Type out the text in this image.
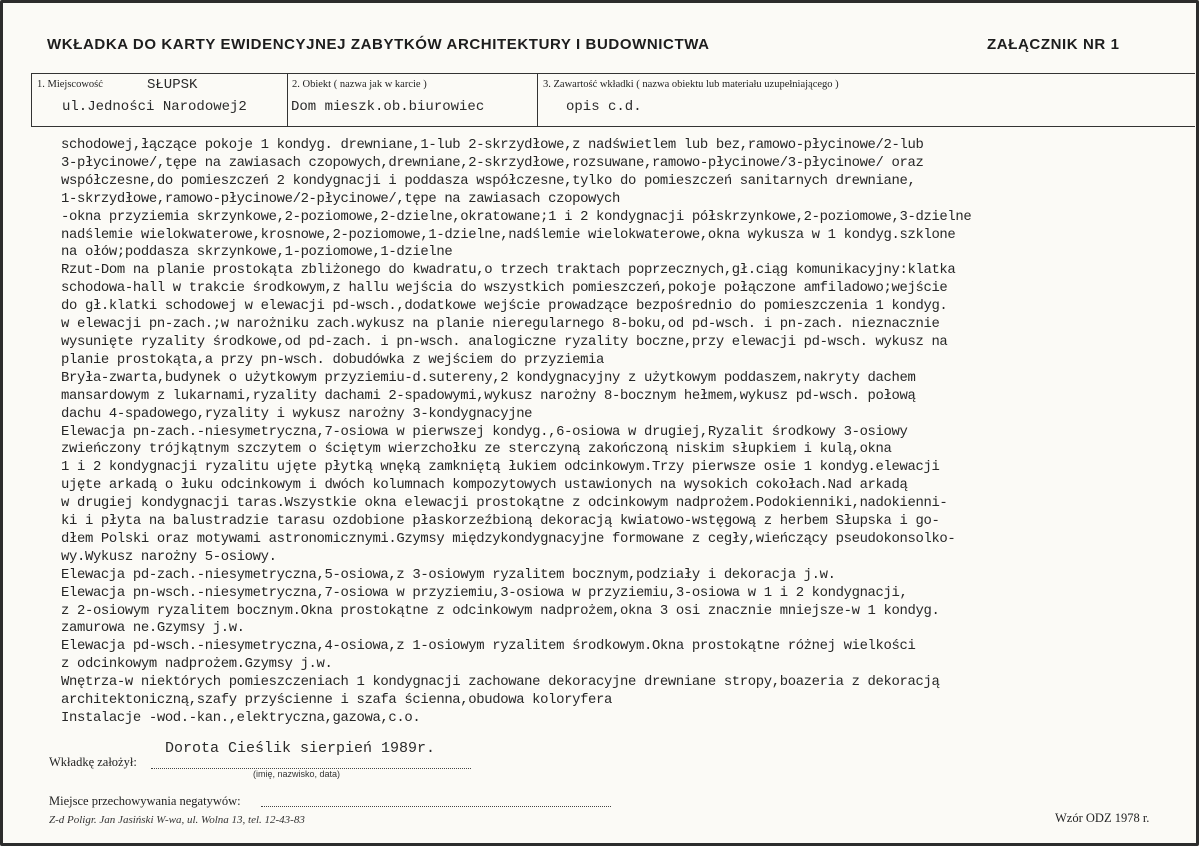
WKŁADKA DO KARTY EWIDENCYJNEJ ZABYTKÓW ARCHITEKTURY I BUDOWNICTWA	ZAŁĄCZNIK NR 1
1. Miejscowość	SŁUPSK
ul.Jedności Narodowej2
2. Obiekt ( nazwa jak w karcie )
Dom mieszk.ob.biurowiec
3. Zawartość wkładki ( nazwa obiektu lub materiału uzupełniającego )
opis c.d.
schodowej,łączące pokoje 1 kondyg. drewniane,1-lub 2-skrzydłowe,z nadświetlem lub bez,ramowo-płycinowe/2-lub
3-płycinowe/,tępe na zawiasach czopowych,drewniane,2-skrzydłowe,rozsuwane,ramowo-płycinowe/3-płycinowe/ oraz
współczesne,do pomieszczeń 2 kondygnacji i poddasza współczesne,tylko do pomieszczeń sanitarnych drewniane,
1-skrzydłowe,ramowo-płycinowe/2-płycinowe/,tępe na zawiasach czopowych
-okna przyziemia skrzynkowe,2-poziomowe,2-dzielne,okratowane;1 i 2 kondygnacji półskrzynkowe,2-poziomowe,3-dzielne
nadślemie wielokwaterowe,krosnowe,2-poziomowe,1-dzielne,nadślemie wielokwaterowe,okna wykusza w 1 kondyg.szklone
na ołów;poddasza skrzynkowe,1-poziomowe,1-dzielne
Rzut-Dom na planie prostokąta zbliżonego do kwadratu,o trzech traktach poprzecznych,gł.ciąg komunikacyjny:klatka
schodowa-hall w trakcie środkowym,z hallu wejścia do wszystkich pomieszczeń,pokoje połączone amfiladowo;wejście
do gł.klatki schodowej w elewacji pd-wsch.,dodatkowe wejście prowadzące bezpośrednio do pomieszczenia 1 kondyg.
w elewacji pn-zach.;w narożniku zach.wykusz na planie nieregularnego 8-boku,od pd-wsch. i pn-zach. nieznacznie
wysunięte ryzality środkowe,od pd-zach. i pn-wsch. analogiczne ryzality boczne,przy elewacji pd-wsch. wykusz na
planie prostokąta,a przy pn-wsch. dobudówka z wejściem do przyziemia
Bryła-zwarta,budynek o użytkowym przyziemiu-d.sutereny,2 kondygnacyjny z użytkowym poddaszem,nakryty dachem
mansardowym z lukarnami,ryzality dachami 2-spadowymi,wykusz narożny 8-bocznym hełmem,wykusz pd-wsch. połową
dachu 4-spadowego,ryzality i wykusz narożny 3-kondygnacyjne
Elewacja pn-zach.-niesymetryczna,7-osiowa w pierwszej kondyg.,6-osiowa w drugiej,Ryzalit środkowy 3-osiowy
zwieńczony trójkątnym szczytem o ściętym wierzchołku ze sterczyną zakończoną niskim słupkiem i kulą,okna
1 i 2 kondygnacji ryzalitu ujęte płytką wnęką zamkniętą łukiem odcinkowym.Trzy pierwsze osie 1 kondyg.elewacji
ujęte arkadą o łuku odcinkowym i dwóch kolumnach kompozytowych ustawionych na wysokich cokołach.Nad arkadą
w drugiej kondygnacji taras.Wszystkie okna elewacji prostokątne z odcinkowym nadprożem.Podokienniki,nadokienni-
ki i płyta na balustradzie tarasu ozdobione płaskorzeźbioną dekoracją kwiatowo-wstęgową z herbem Słupska i go-
dłem Polski oraz motywami astronomicznymi.Gzymsy międzykondygnacyjne formowane z cegły,wieńczący pseudokonsolko-
wy.Wykusz narożny 5-osiowy.
Elewacja pd-zach.-niesymetryczna,5-osiowa,z 3-osiowym ryzalitem bocznym,podziały i dekoracja j.w.
Elewacja pn-wsch.-niesymetryczna,7-osiowa w przyziemiu,3-osiowa w przyziemiu,3-osiowa w 1 i 2 kondygnacji,
z 2-osiowym ryzalitem bocznym.Okna prostokątne z odcinkowym nadprożem,okna 3 osi znacznie mniejsze-w 1 kondyg.
zamurowa ne.Gzymsy j.w.
Elewacja pd-wsch.-niesymetryczna,4-osiowa,z 1-osiowym ryzalitem środkowym.Okna prostokątne różnej wielkości
z odcinkowym nadprożem.Gzymsy j.w.
Wnętrza-w niektórych pomieszczeniach 1 kondygnacji zachowane dekoracyjne drewniane stropy,boazeria z dekoracją
architektoniczną,szafy przyścienne i szafa ścienna,obudowa koloryfera
Instalacje -wod.-kan.,elektryczna,gazowa,c.o.
Wkładkę założył:
Dorota Cieślik sierpień 1989r.
(imię, nazwisko, data)
Miejsce przechowywania negatywów:
Z-d Poligr. Jan Jasiński W-wa, ul. Wolna 13, tel. 12-43-83	Wzór ODZ 1978 r.
